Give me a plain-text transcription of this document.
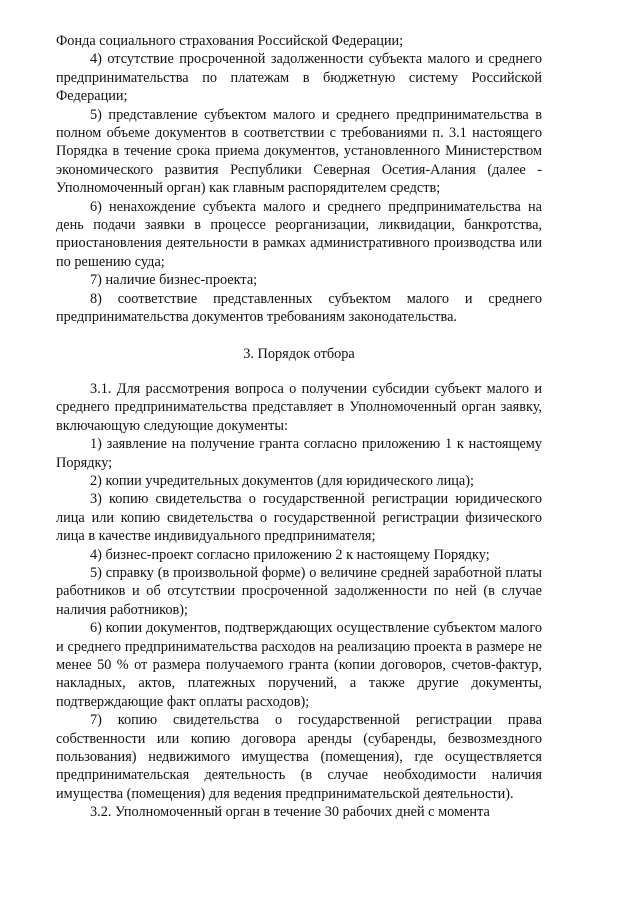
Фонда социального страхования Российской Федерации;

4) отсутствие просроченной задолженности субъекта малого и среднего предпринимательства по платежам в бюджетную систему Российской Федерации;

5) представление субъектом малого и среднего предпринимательства в полном объеме документов в соответствии с требованиями п. 3.1 настоящего Порядка в течение срока приема документов, установленного Министерством экономического развития Республики Северная Осетия-Алания (далее - Уполномоченный орган) как главным распорядителем средств;

6) ненахождение субъекта малого и среднего предпринимательства на день подачи заявки в процессе реорганизации, ликвидации, банкротства, приостановления деятельности в рамках административного производства или по решению суда;

7) наличие бизнес-проекта;

8) соответствие представленных субъектом малого и среднего предпринимательства документов требованиям законодательства.

3. Порядок отбора

3.1. Для рассмотрения вопроса о получении субсидии субъект малого и среднего предпринимательства представляет в Уполномоченный орган заявку, включающую следующие документы:

1) заявление на получение гранта согласно приложению 1 к настоящему Порядку;

2) копии учредительных документов (для юридического лица);

3) копию свидетельства о государственной регистрации юридического лица или копию свидетельства о государственной регистрации физического лица в качестве индивидуального предпринимателя;

4) бизнес-проект согласно приложению 2 к настоящему Порядку;

5) справку (в произвольной форме) о величине средней заработной платы работников и об отсутствии просроченной задолженности по ней (в случае наличия работников);

6) копии документов, подтверждающих осуществление субъектом малого и среднего предпринимательства расходов на реализацию проекта в размере не менее 50 % от размера получаемого гранта (копии договоров, счетов-фактур, накладных, актов, платежных поручений, а также другие документы, подтверждающие факт оплаты расходов);

7) копию свидетельства о государственной регистрации права собственности или копию договора аренды (субаренды, безвозмездного пользования) недвижимого имущества (помещения), где осуществляется предпринимательская деятельность (в случае необходимости наличия имущества (помещения) для ведения предпринимательской деятельности).

3.2. Уполномоченный орган в течение 30 рабочих дней с момента
